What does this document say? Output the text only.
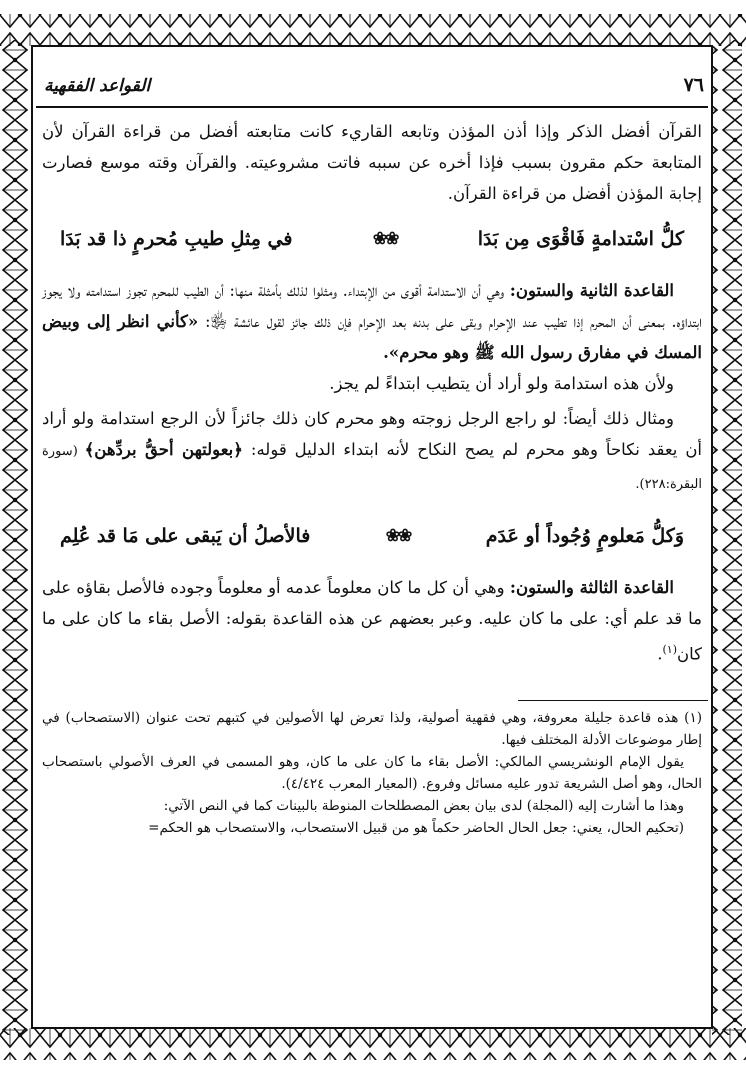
٧٦
القواعد الفقهية

القرآن أفضل الذكر وإذا أذن المؤذن وتابعه القاريء كانت متابعته أفضل من قراءة القرآن لأن المتابعة حكم مقرون بسبب فإذا أخره عن سببه فاتت مشروعيته. والقرآن وقته موسع فصارت إجابة المؤذن أفضل من قراءة القرآن.

كلُّ اسْتدامةٍ فَاقْوَى مِن بَدَا
❀❀
في مِثلِ طيبِ مُحرمٍ ذا قد بَدَا

القاعدة الثانية والستون: وهي أن الاستدامة أقوى من الإبتداء. ومثلوا لذلك بأمثلة منها: أن الطيب للمحرم تجوز استدامته ولا يجوز ابتداؤه. بمعنى أن المحرم إذا تطيب عند الإحرام وبقى على بدنه بعد الإحرام فإن ذلك جائز لقول عائشة ﵂: «كأني انظر إلى وبيض المسك في مفارق رسول الله ﷺ وهو محرم».

ولأن هذه استدامة ولو أراد أن يتطيب ابتداءً لم يجز.

ومثال ذلك أيضاً: لو راجع الرجل زوجته وهو محرم كان ذلك جائزاً لأن الرجع استدامة ولو أراد أن يعقد نكاحاً وهو محرم لم يصح النكاح لأنه ابتداء الدليل قوله: ﴿بعولتهن أحقُّ بردِّهن﴾ (سورة البقرة:٢٢٨).

وَكلُّ مَعلومٍ وُجُوداً أو عَدَم
❀❀
فالأصلُ أن يَبقى على مَا قد عُلِم

القاعدة الثالثة والستون: وهي أن كل ما كان معلوماً عدمه أو معلوماً وجوده فالأصل بقاؤه على ما قد علم أي: على ما كان عليه. وعبر بعضهم عن هذه القاعدة بقوله: الأصل بقاء ما كان على ما كان$^{(١)}$.

(١) هذه قاعدة جليلة معروفة، وهي فقهية أصولية، ولذا تعرض لها الأصولين في كتبهم تحت عنوان (الاستصحاب) في إطار موضوعات الأدلة المختلف فيها.

يقول الإمام الونشريسي المالكي: الأصل بقاء ما كان على ما كان، وهو المسمى في العرف الأصولي باستصحاب الحال، وهو أصل الشريعة تدور عليه مسائل وفروع. (المعيار المعرب ٤/٤٢٤).

وهذا ما أشارت إليه (المجلة) لدى بيان بعض المصطلحات المنوطة بالبينات كما في النص الآتي:

(تحكيم الحال، يعني: جعل الحال الحاضر حكماً هو من قبيل الاستصحاب، والاستصحاب هو الحكم=
